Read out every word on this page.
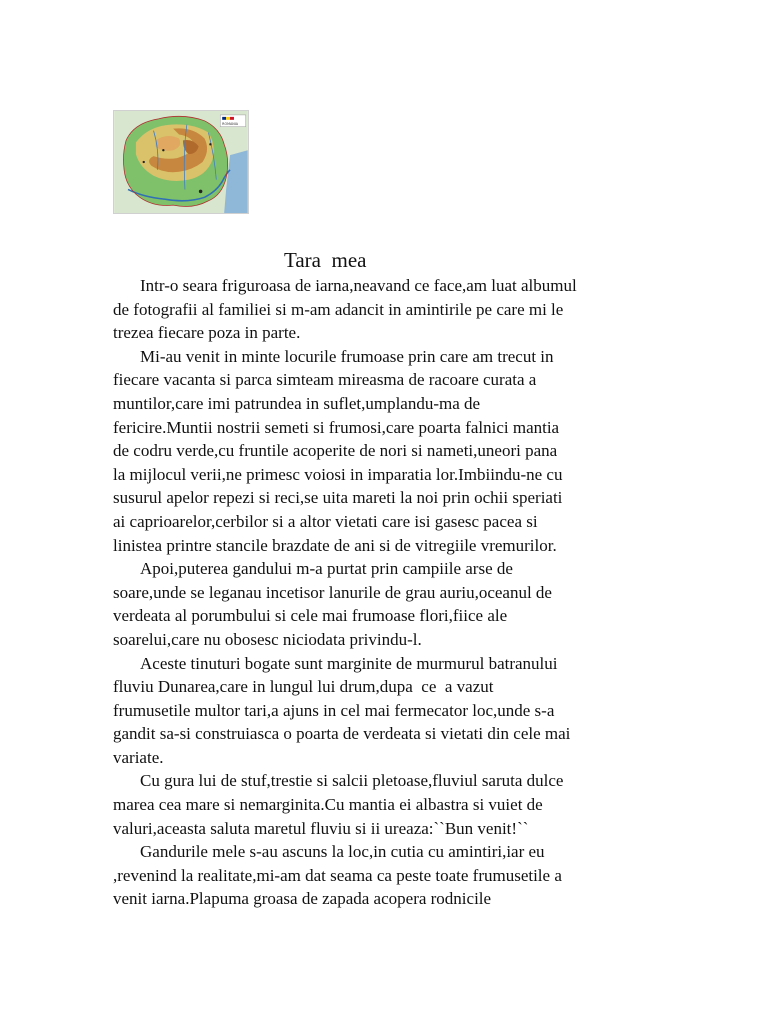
ROMANIA
Tara  mea
Intr-o seara friguroasa de iarna,neavand ce face,am luat albumul
de fotografii al familiei si m-am adancit in amintirile pe care mi le
trezea fiecare poza in parte.
Mi-au venit in minte locurile frumoase prin care am trecut in
fiecare vacanta si parca simteam mireasma de racoare curata a
muntilor,care imi patrundea in suflet,umplandu-ma de
fericire.Muntii nostrii semeti si frumosi,care poarta falnici mantia
de codru verde,cu fruntile acoperite de nori si nameti,uneori pana
la mijlocul verii,ne primesc voiosi in imparatia lor.Imbiindu-ne cu
susurul apelor repezi si reci,se uita mareti la noi prin ochii speriati
ai caprioarelor,cerbilor si a altor vietati care isi gasesc pacea si
linistea printre stancile brazdate de ani si de vitregiile vremurilor.
Apoi,puterea gandului m-a purtat prin campiile arse de
soare,unde se leganau incetisor lanurile de grau auriu,oceanul de
verdeata al porumbului si cele mai frumoase flori,fiice ale
soarelui,care nu obosesc niciodata privindu-l.
Aceste tinuturi bogate sunt marginite de murmurul batranului
fluviu Dunarea,care in lungul lui drum,dupa  ce  a vazut
frumusetile multor tari,a ajuns in cel mai fermecator loc,unde s-a
gandit sa-si construiasca o poarta de verdeata si vietati din cele mai
variate.
Cu gura lui de stuf,trestie si salcii pletoase,fluviul saruta dulce
marea cea mare si nemarginita.Cu mantia ei albastra si vuiet de
valuri,aceasta saluta maretul fluviu si ii ureaza:``Bun venit!``
Gandurile mele s-au ascuns la loc,in cutia cu amintiri,iar eu
,revenind la realitate,mi-am dat seama ca peste toate frumusetile a
venit iarna.Plapuma groasa de zapada acopera rodnicile
